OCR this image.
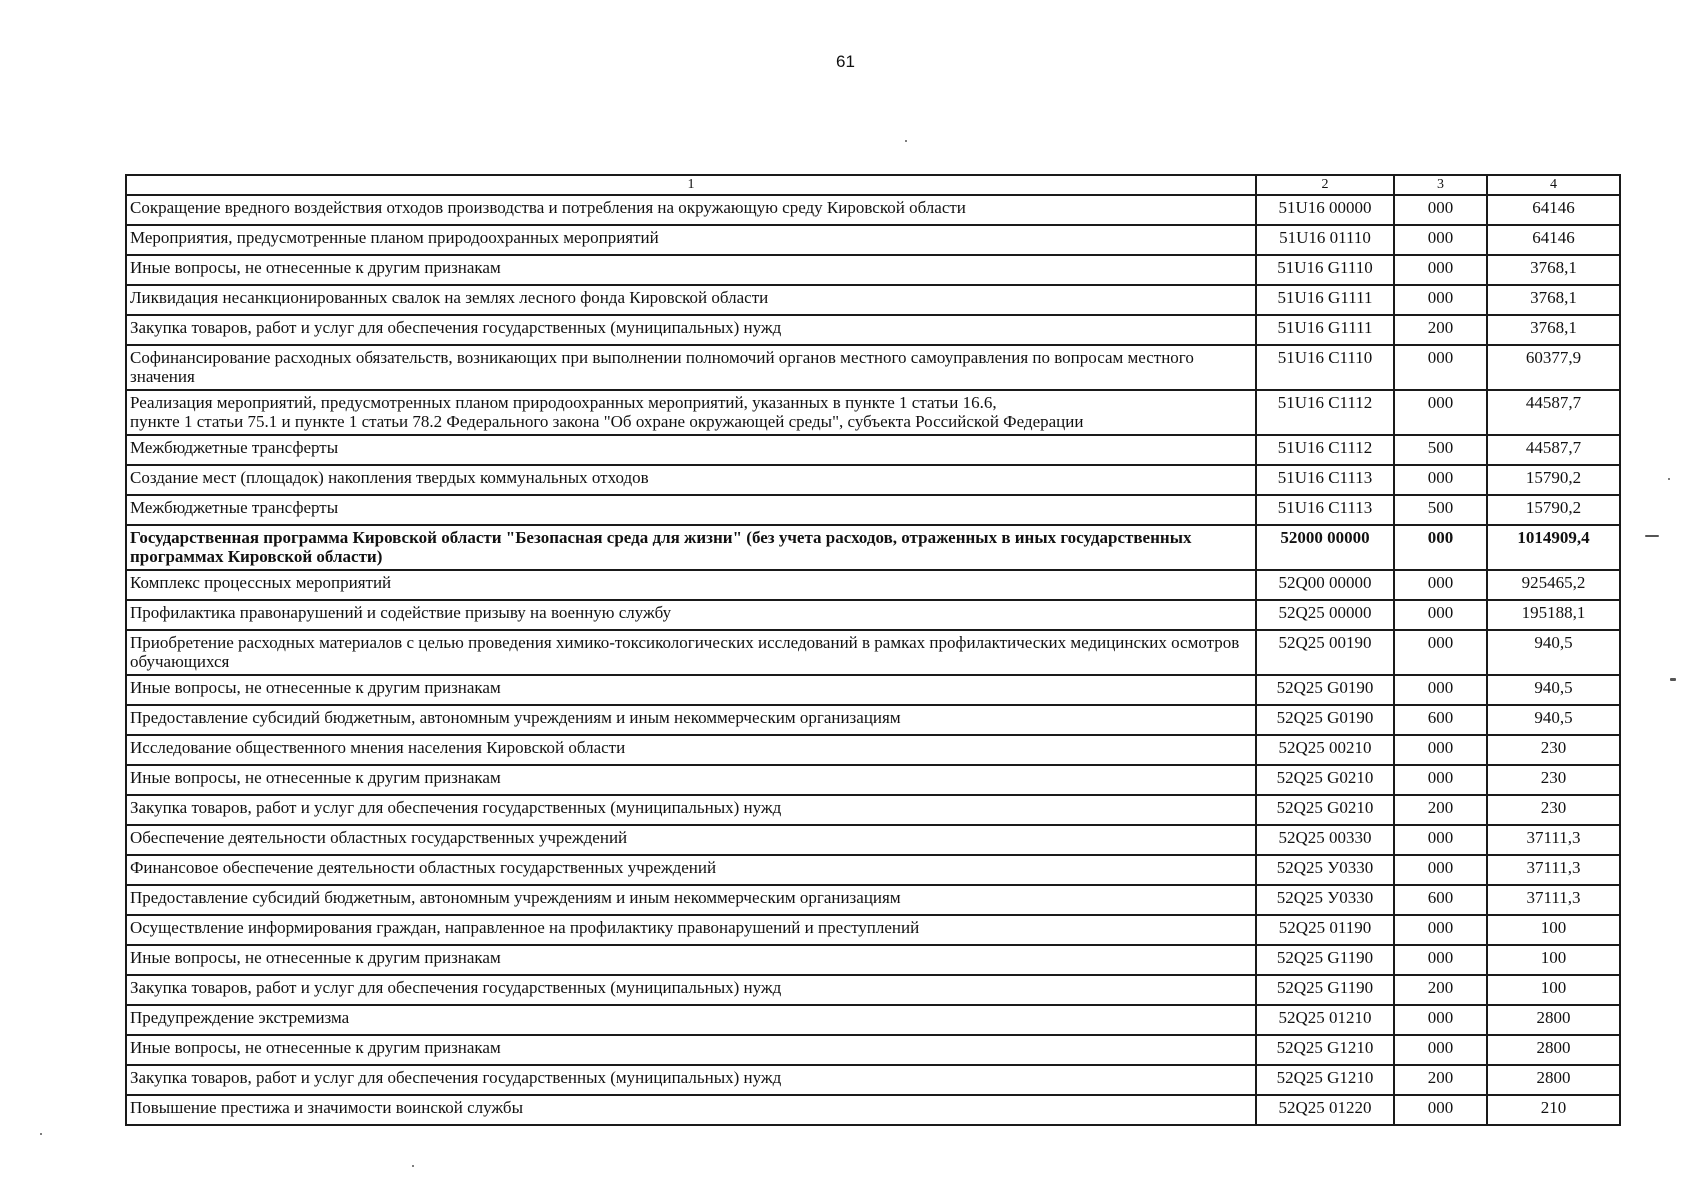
61
1	2	3	4
Сокращение вредного воздействия отходов производства и потребления на окружающую среду Кировской области	51U16 00000	000	64146
Мероприятия, предусмотренные планом природоохранных мероприятий	51U16 01110	000	64146
Иные вопросы, не отнесенные к другим признакам	51U16 G1110	000	3768,1
Ликвидация несанкционированных свалок на землях лесного фонда Кировской области	51U16 G1111	000	3768,1
Закупка товаров, работ и услуг для обеспечения государственных (муниципальных) нужд	51U16 G1111	200	3768,1
Софинансирование расходных обязательств, возникающих при выполнении полномочий органов местного самоуправления по вопросам местного значения	51U16 C1110	000	60377,9
Реализация мероприятий, предусмотренных планом природоохранных мероприятий, указанных в пункте 1 статьи 16.6,
пункте 1 статьи 75.1 и пункте 1 статьи 78.2 Федерального закона "Об охране окружающей среды", субъекта Российской Федерации	51U16 C1112	000	44587,7
Межбюджетные трансферты	51U16 C1112	500	44587,7
Создание мест (площадок) накопления твердых коммунальных отходов	51U16 C1113	000	15790,2
Межбюджетные трансферты	51U16 C1113	500	15790,2
Государственная программа Кировской области "Безопасная среда для жизни" (без учета расходов, отраженных в иных государственных программах Кировской области)	52000 00000	000	1014909,4
Комплекс процессных мероприятий	52Q00 00000	000	925465,2
Профилактика правонарушений и содействие призыву на военную службу	52Q25 00000	000	195188,1
Приобретение расходных материалов с целью проведения химико-токсикологических исследований в рамках профилактических медицинских осмотров обучающихся	52Q25 00190	000	940,5
Иные вопросы, не отнесенные к другим признакам	52Q25 G0190	000	940,5
Предоставление субсидий бюджетным, автономным учреждениям и иным некоммерческим организациям	52Q25 G0190	600	940,5
Исследование общественного мнения населения Кировской области	52Q25 00210	000	230
Иные вопросы, не отнесенные к другим признакам	52Q25 G0210	000	230
Закупка товаров, работ и услуг для обеспечения государственных (муниципальных) нужд	52Q25 G0210	200	230
Обеспечение деятельности областных государственных учреждений	52Q25 00330	000	37111,3
Финансовое обеспечение деятельности областных государственных учреждений	52Q25 У0330	000	37111,3
Предоставление субсидий бюджетным, автономным учреждениям и иным некоммерческим организациям	52Q25 У0330	600	37111,3
Осуществление информирования граждан, направленное на профилактику правонарушений и преступлений	52Q25 01190	000	100
Иные вопросы, не отнесенные к другим признакам	52Q25 G1190	000	100
Закупка товаров, работ и услуг для обеспечения государственных (муниципальных) нужд	52Q25 G1190	200	100
Предупреждение экстремизма	52Q25 01210	000	2800
Иные вопросы, не отнесенные к другим признакам	52Q25 G1210	000	2800
Закупка товаров, работ и услуг для обеспечения государственных (муниципальных) нужд	52Q25 G1210	200	2800
Повышение престижа и значимости воинской службы	52Q25 01220	000	210
